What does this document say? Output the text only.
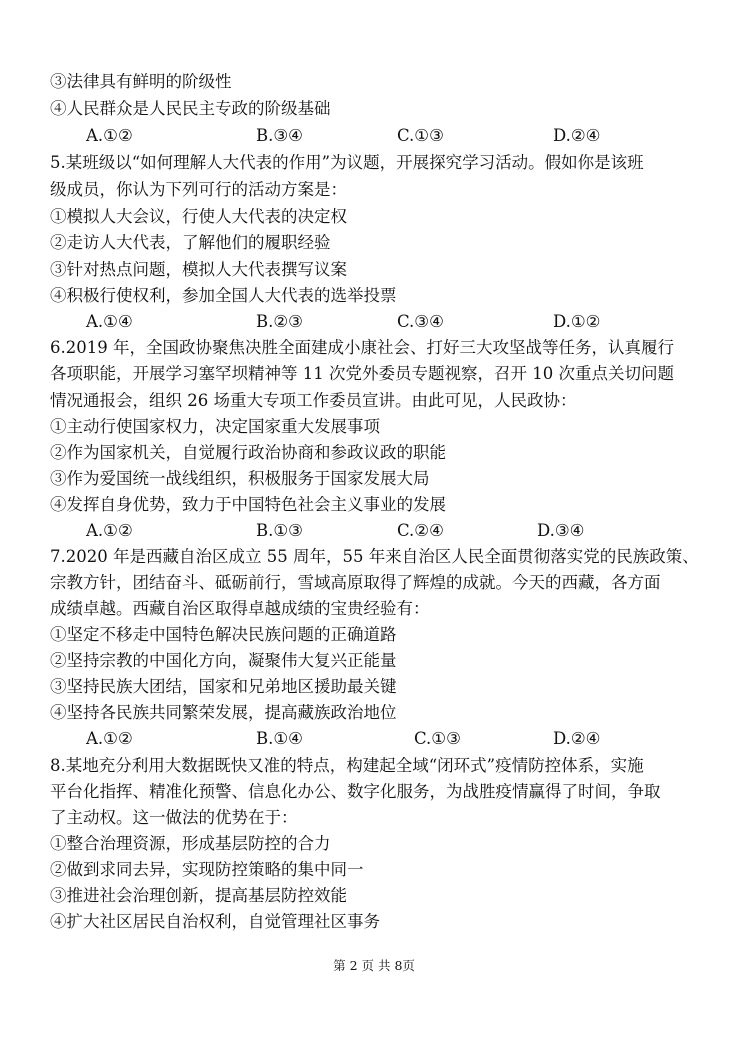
③法律具有鲜明的阶级性
④人民群众是人民民主专政的阶级基础
A.①②	B.③④	C.①③	D.②④
5.某班级以“如何理解人大代表的作用”为议题，开展探究学习活动。假如你是该班
级成员，你认为下列可行的活动方案是：
①模拟人大会议，行使人大代表的决定权
②走访人大代表，了解他们的履职经验
③针对热点问题，模拟人大代表撰写议案
④积极行使权利，参加全国人大代表的选举投票
A.①④	B.②③	C.③④	D.①②
6.2019 年，全国政协聚焦决胜全面建成小康社会、打好三大攻坚战等任务，认真履行
各项职能，开展学习塞罕坝精神等 11 次党外委员专题视察，召开 10 次重点关切问题
情况通报会，组织 26 场重大专项工作委员宣讲。由此可见，人民政协：
①主动行使国家权力，决定国家重大发展事项
②作为国家机关，自觉履行政治协商和参政议政的职能
③作为爱国统一战线组织，积极服务于国家发展大局
④发挥自身优势，致力于中国特色社会主义事业的发展
A.①②	B.①③	C.②④	D.③④
7.2020 年是西藏自治区成立 55 周年，55 年来自治区人民全面贯彻落实党的民族政策、
宗教方针，团结奋斗、砥砺前行，雪域高原取得了辉煌的成就。今天的西藏，各方面
成绩卓越。西藏自治区取得卓越成绩的宝贵经验有：
①坚定不移走中国特色解决民族问题的正确道路
②坚持宗教的中国化方向，凝聚伟大复兴正能量
③坚持民族大团结，国家和兄弟地区援助最关键
④坚持各民族共同繁荣发展，提高藏族政治地位
A.①②	B.①④	C.①③	D.②④
8.某地充分利用大数据既快又准的特点，构建起全域“闭环式”疫情防控体系，实施
平台化指挥、精准化预警、信息化办公、数字化服务，为战胜疫情赢得了时间，争取
了主动权。这一做法的优势在于：
①整合治理资源，形成基层防控的合力
②做到求同去异，实现防控策略的集中同一
③推进社会治理创新，提高基层防控效能
④扩大社区居民自治权利，自觉管理社区事务
第 2 页 共 8页
